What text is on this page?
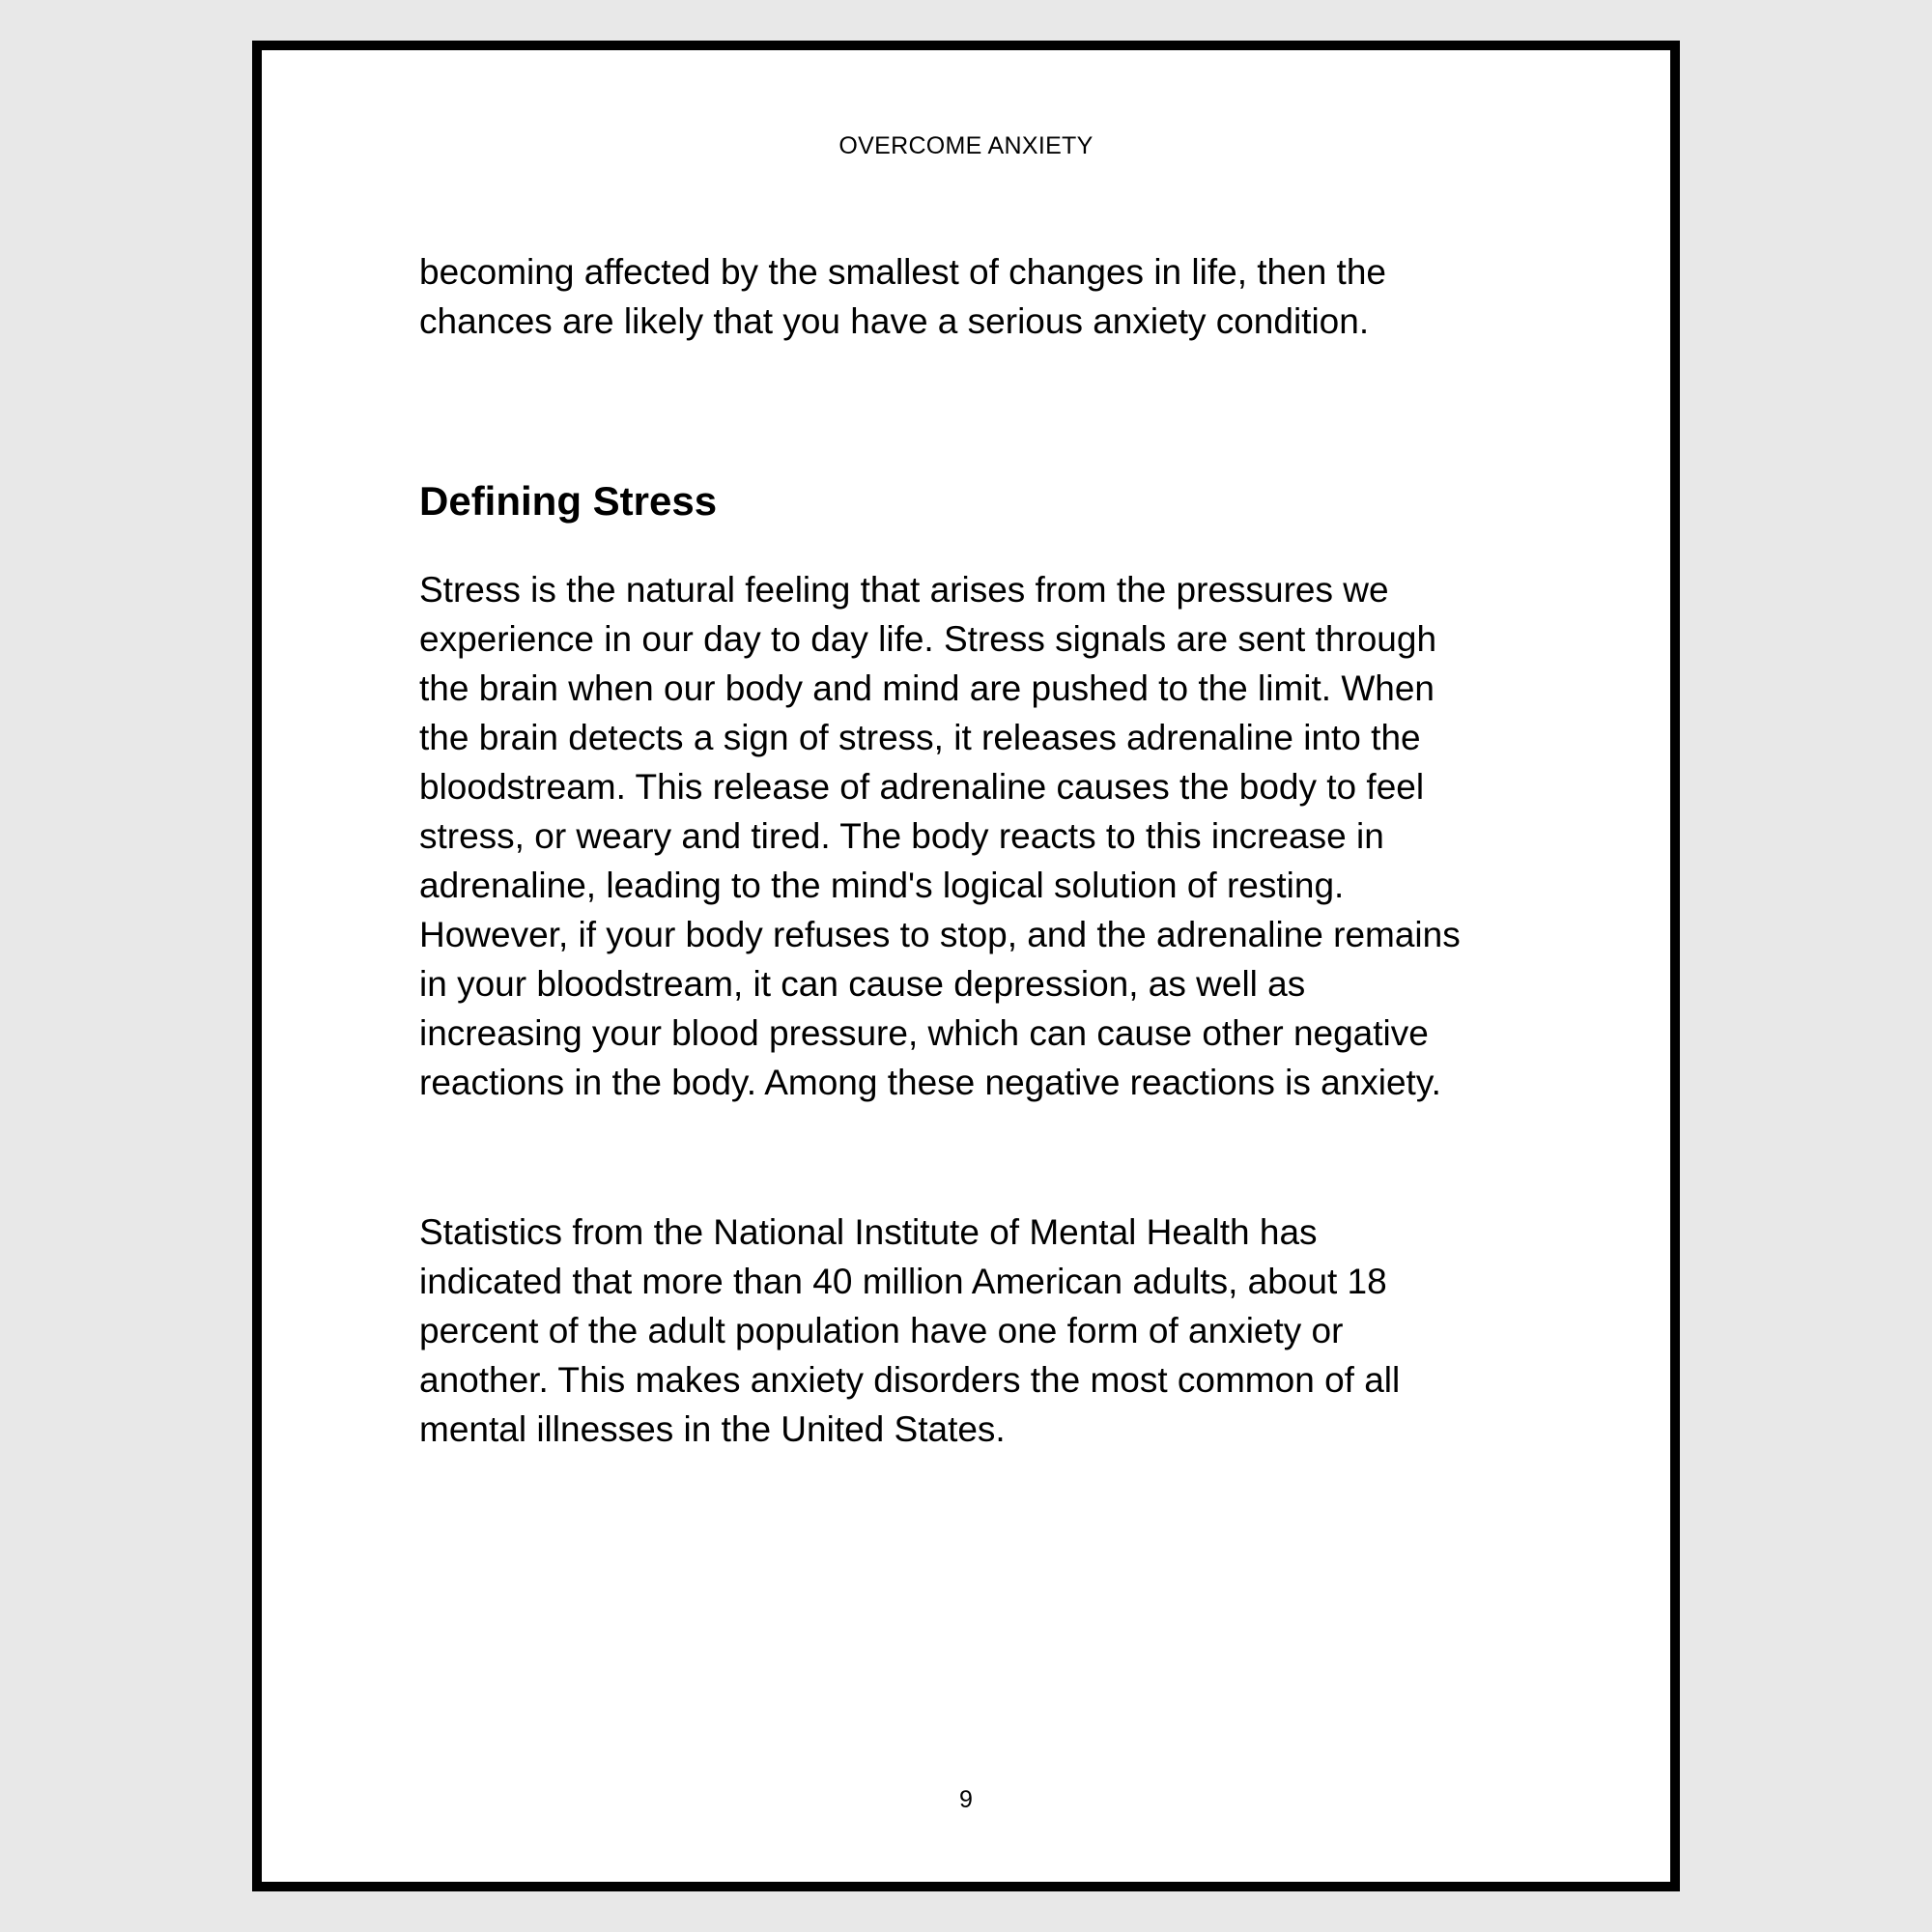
OVERCOME ANXIETY

becoming affected by the smallest of changes in life, then the
chances are likely that you have a serious anxiety condition.

Defining Stress

Stress is the natural feeling that arises from the pressures we
experience in our day to day life. Stress signals are sent through
the brain when our body and mind are pushed to the limit. When
the brain detects a sign of stress, it releases adrenaline into the
bloodstream. This release of adrenaline causes the body to feel
stress, or weary and tired. The body reacts to this increase in
adrenaline, leading to the mind's logical solution of resting.
However, if your body refuses to stop, and the adrenaline remains
in your bloodstream, it can cause depression, as well as
increasing your blood pressure, which can cause other negative
reactions in the body. Among these negative reactions is anxiety.

Statistics from the National Institute of Mental Health has
indicated that more than 40 million American adults, about 18
percent of the adult population have one form of anxiety or
another. This makes anxiety disorders the most common of all
mental illnesses in the United States.

9
